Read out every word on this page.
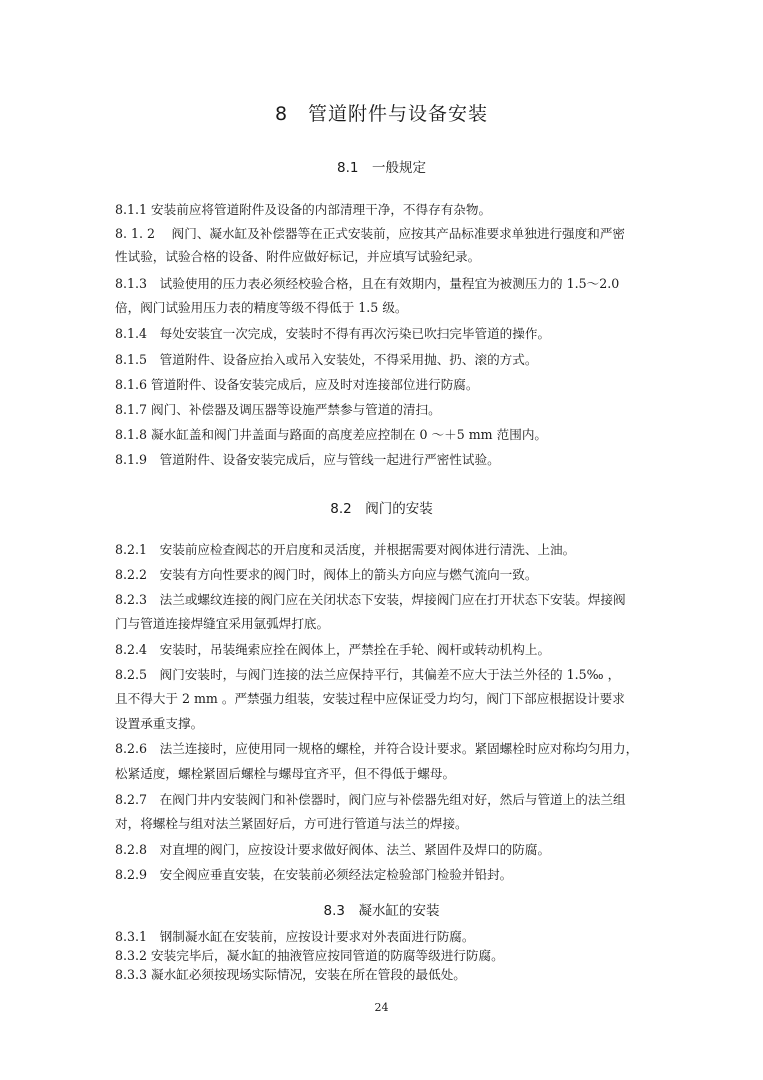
8　管道附件与设备安装
8.1　一般规定
8.1.1 安装前应将管道附件及设备的内部清理干净，不得存有杂物。
8. 1. 2　 阀门、凝水缸及补偿器等在正式安装前，应按其产品标准要求单独进行强度和严密
性试验，试验合格的设备、附件应做好标记，并应填写试验纪录。
8.1.3　试验使用的压力表必须经校验合格，且在有效期内，量程宜为被测压力的 1.5～2.0
倍，阀门试验用压力表的精度等级不得低于 1.5 级。
8.1.4　每处安装宜一次完成，安装时不得有再次污染已吹扫完毕管道的操作。
8.1.5　管道附件、设备应抬入或吊入安装处，不得采用抛、扔、滚的方式。
8.1.6 管道附件、设备安装完成后，应及时对连接部位进行防腐。
8.1.7 阀门、补偿器及调压器等设施严禁参与管道的清扫。
8.1.8 凝水缸盖和阀门井盖面与路面的高度差应控制在 0 ～＋5 mm 范围内。
8.1.9　管道附件、设备安装完成后，应与管线一起进行严密性试验。
8.2　阀门的安装
8.2.1　安装前应检查阀芯的开启度和灵活度，并根据需要对阀体进行清洗、上油。
8.2.2　安装有方向性要求的阀门时，阀体上的箭头方向应与燃气流向一致。
8.2.3　法兰或螺纹连接的阀门应在关闭状态下安装，焊接阀门应在打开状态下安装。焊接阀
门与管道连接焊缝宜采用氩弧焊打底。
8.2.4　安装时，吊装绳索应拴在阀体上，严禁拴在手轮、阀杆或转动机构上。
8.2.5　阀门安装时，与阀门连接的法兰应保持平行，其偏差不应大于法兰外径的 1.5‰ ，
且不得大于 2 mm 。严禁强力组装，安装过程中应保证受力均匀，阀门下部应根据设计要求
设置承重支撑。
8.2.6　法兰连接时，应使用同一规格的螺栓，并符合设计要求。紧固螺栓时应对称均匀用力，
松紧适度，螺栓紧固后螺栓与螺母宜齐平，但不得低于螺母。
8.2.7　在阀门井内安装阀门和补偿器时，阀门应与补偿器先组对好，然后与管道上的法兰组
对，将螺栓与组对法兰紧固好后，方可进行管道与法兰的焊接。
8.2.8　对直埋的阀门，应按设计要求做好阀体、法兰、紧固件及焊口的防腐。
8.2.9　安全阀应垂直安装，在安装前必须经法定检验部门检验并铅封。
8.3　凝水缸的安装
8.3.1　钢制凝水缸在安装前，应按设计要求对外表面进行防腐。
8.3.2 安装完毕后，凝水缸的抽液管应按同管道的防腐等级进行防腐。
8.3.3 凝水缸必须按现场实际情况，安装在所在管段的最低处。
24
